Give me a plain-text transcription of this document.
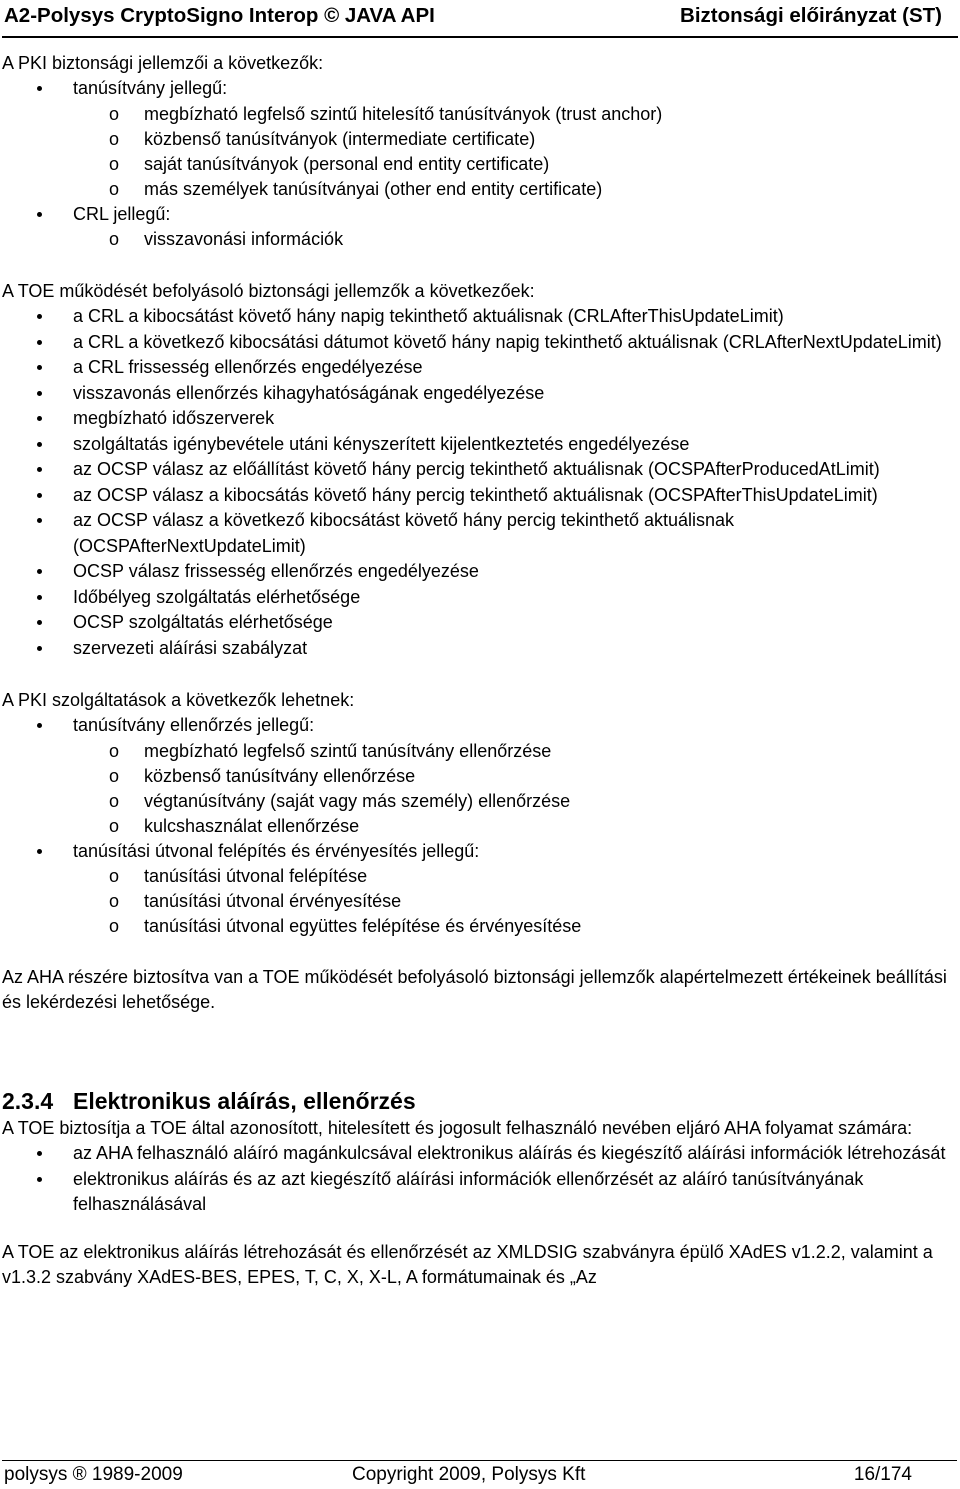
A2-Polysys CryptoSigno Interop © JAVA API	Biztonsági előirányzat (ST)

A PKI biztonsági jellemzői a következők:

tanúsítvány jellegű:
o megbízható legfelső szintű hitelesítő tanúsítványok (trust anchor)
o közbenső tanúsítványok (intermediate certificate)
o saját tanúsítványok (personal end entity certificate)
o más személyek tanúsítványai (other end entity certificate)
CRL jellegű:
o visszavonási információk

A TOE működését befolyásoló biztonsági jellemzők a következőek:

a CRL a kibocsátást követő hány napig tekinthető aktuálisnak (CRLAfterThisUpdateLimit)
a CRL a következő kibocsátási dátumot követő hány napig tekinthető aktuálisnak (CRLAfterNextUpdateLimit)
a CRL frissesség ellenőrzés engedélyezése
visszavonás ellenőrzés kihagyhatóságának engedélyezése
megbízható időszerverek
szolgáltatás igénybevétele utáni kényszerített kijelentkeztetés engedélyezése
az OCSP válasz az előállítást követő hány percig tekinthető aktuálisnak (OCSPAfterProducedAtLimit)
az OCSP válasz a kibocsátás követő hány percig tekinthető aktuálisnak (OCSPAfterThisUpdateLimit)
az OCSP válasz a következő kibocsátást követő hány percig tekinthető aktuálisnak (OCSPAfterNextUpdateLimit)
OCSP válasz frissesség ellenőrzés engedélyezése
Időbélyeg szolgáltatás elérhetősége
OCSP szolgáltatás elérhetősége
szervezeti aláírási szabályzat

A PKI szolgáltatások a következők lehetnek:

tanúsítvány ellenőrzés jellegű:
o megbízható legfelső szintű tanúsítvány ellenőrzése
o közbenső tanúsítvány ellenőrzése
o végtanúsítvány (saját vagy más személy) ellenőrzése
o kulcshasználat ellenőrzése
tanúsítási útvonal felépítés és érvényesítés jellegű:
o tanúsítási útvonal felépítése
o tanúsítási útvonal érvényesítése
o tanúsítási útvonal együttes felépítése és érvényesítése

Az AHA részére biztosítva van a TOE működését befolyásoló biztonsági jellemzők alapértelmezett értékeinek beállítási és lekérdezési lehetősége.

2.3.4 Elektronikus aláírás, ellenőrzés

A TOE biztosítja a TOE által azonosított, hitelesített és jogosult felhasználó nevében eljáró AHA folyamat számára:

az AHA felhasználó aláíró magánkulcsával elektronikus aláírás és kiegészítő aláírási információk létrehozását
elektronikus aláírás és az azt kiegészítő aláírási információk ellenőrzését az aláíró tanúsítványának felhasználásával

A TOE az elektronikus aláírás létrehozását és ellenőrzését az XMLDSIG szabványra épülő XAdES v1.2.2, valamint a v1.3.2 szabvány XAdES-BES, EPES, T, C, X, X-L, A formátumainak és „Az

polysys ® 1989-2009	Copyright 2009, Polysys Kft	16/174
